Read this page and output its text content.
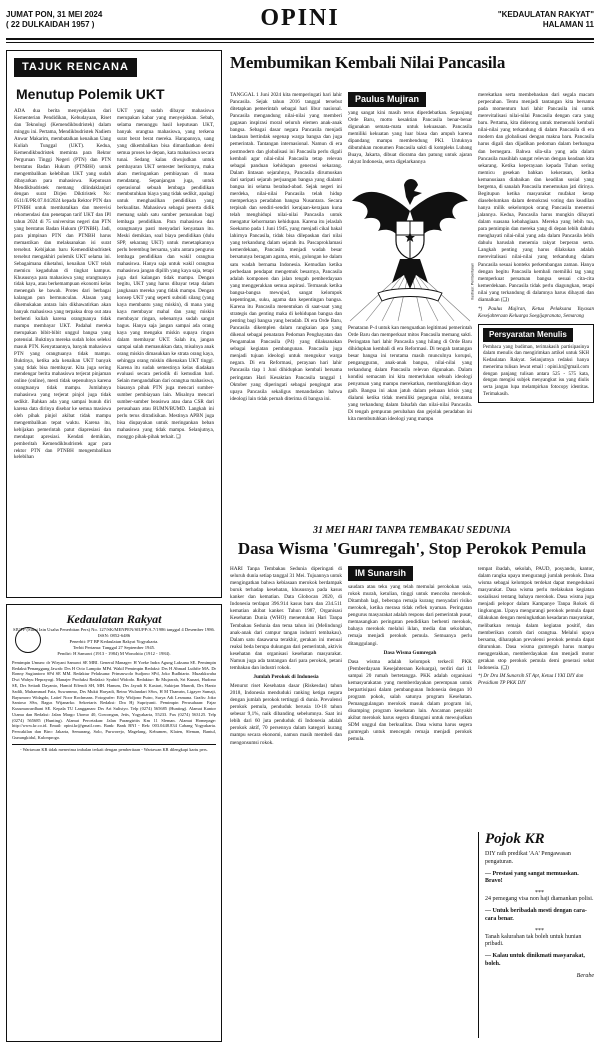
JUMAT PON, 31 MEI 2024
( 22 DULKAIDAH 1957 )	OPINI	"KEDAULATAN RAKYAT"
HALAMAN 11
TAJUK RENCANA
Menutup Polemik UKT
ADA dua berita menyejukkan dari Kementerian Pendidikan, Kebudayaan, Riset dan Teknologi (Kemendikbudristek) dalam minggu ini. Pertama, Mendikbudristek Nadiem Anwar Makarim, membatalkan kenaikan Uang Kuliah Tunggal (UKT). Kedua, Kemendikbudristek meminta para Rektor Perguruan Tinggi Negeri (PTN) dan PTN berstatus Badan Hukum (PTNBH) untuk mengembalikan kelebihan UKT yang sudah dibayarkan para mahasiswa. Keputusan Mendikbudristek memang dilindaklanjuti dengan surat Dirjen Diktiristek No: 0511/E/PR.07.04/2024 kepada Rektor PTN dan PTNBH untuk membatalkan dan merevisi rekomendasi dan penetapan tarif UKT dan IPI tahun 2024 di 75 universitas negeri dan PTN yang berstatus Badan Hukum (PTNBH). Jadi, para pimpinan PTN dan PTNBH harus memastikan dan melaksanakan isi surat tersebut. Kebijakan baru Kemendikbudristek tersebut mengakhiri polemik UKT selama ini. Sebagaimana diketahui, kenaikan UKT telah memicu kegaduhan di tingkat kampus. Khususnya para mahasiswa yang orangtuanya tidak kaya, atau berkemampuan ekonomi kelas menengah ke bawah. Protes dari berbagai kalangan pun bermunculan. Alasan yang dikemukakan antara lain dikhawatirkan akan banyak mahasiswa yang terpaksa drop out atau berhenti kuliah karena orangtuanya tidak mampu membayar UKT. Padahal mereka merupakan bibit-bibit unggul bangsa yang potensial. Buktinya mereka sudah lolos seleksi masuk PTN. Kenyataannya, banyak mahasiswa PTN yang orangtuanya tidak mampu. Buktinya, ketika ada kenaikan UKT banyak yang tidak bisa membayar. Kita juga sering mendengar berita mahasiswa terjerat pinjaman online (online), mesti tidak sepenuhnya karena orangtuanya tidak mampu. Jumlahnya mahasiswa yang terjerat pinjol juga tidak sedikit. Bahkan ada yang sampai bunuh diri karena data dirinya disebar ke semua masiswa oleh pihak pinjol akibat tidak mampu mengembalikan tepat waktu. Karena itu, kebijakan pemerintah patut diapresiasi dan mendapat apresiasi. Kendati demikian, pemberitah Kemendikbudristek agar para rektor PTN dan PTNBH mengembalikan kelebihan
UKT yang sudah dibayar mahasiswa merupakan kabar yang menyejukkan. Sebab, selama menunggu hasil keputusan UKT, banyak orangtua mahasiswa, yang terkena surat berat berat mereka. Harapannya, uang yang dikembalikan bisa dimanfaatkan demi semua proses ke depan, kata mahasiswa secara tunai. Sedang kalau diwujudkan untuk pembayaran UKT semester berikutnya, maka akan meringankan pembiayaan di masa mendatang. Sepanjangan juga, untuk operasional sebuah lembaga pendidikan membutuhkan biaya yang tidak sedikit, apalagi untuk menghasilkan pendidikan yang berkualitas. Mahasiswa sebagai peserta didik memang salah satu sumber pemasukan bagi lembaga pendidikan. Para mahasiswa dan orangtuanya pasti menyadari kenyataan itu. Meski demikian, soal biaya pendidikan (dulu SPP, sekarang UKT) untuk menetapkannya perlu berembug bersama, yaitu antara pengurus lembaga pendidikan dan wakil orangtua mahasiswa. Hanya saja untuk wakil orangtua mahasiswa jangan dipilih yang kaya saja, tetapi juga dari kalangan tidak mampu. Dengan begitu, UKT yang harus dibayar tetap dalam jangkauan mereka yang tidak mampu. Dengan konsep UKT yang seperti subsidi silang (yang kaya membantu yang miskin), di mana yang kaya membayar mahal dan yang miskin membayar ringan, sebenarnya sudah sangat bagus. Hanya saja jangan sampai ada orang kaya yang mengaku miskin supaya ringan dalam membayar UKT. Salah itu, jangan sampai salah memasukkan data, misalnya anak orang miskin dimasukkan ke strata orang kaya, sehingga orang miskin dikenakan UKT tinggi. Karena itu sudah semestinya kelas diadakan evaluasi secara periodik di kemudian hari. Selain mengandalkan dari orangtua mahasiswa, biasanya pihak PTN juga mencari sumber-sumber pembiayaan lain. Misalnya mencari sumber-sumber beasiswa atau dana CSR dari perusahaan atau BUMN/BUMD. Langkah ini perlu terus ditradisikan. Mestinya APBN juga bisa diupayakan untuk meringankan beban mahasiswa yang tidak mampu. Selanjutnya, monggo pihak-pihak terkait. ❑
Membumikan Kembali Nilai Pancasila
TANGGAL 1 Juni 2024 kita memperingati hari lahir Pancasila. Sejak tahun 2016 tanggal tersebut ditetapkan pemerintah sebagai hari libur nasional. Pancasila mengandung nilai-nilai yang memberi gagasan inspirasi moral seluruh elemen anak-anak bangsa. Sebagai dasar negara Pancasila menjadi landasan bertindak segenap warga bangsa dan juga pemerintah. Tantangan internasional. Namun di era postmodern dan globalisasi ini Pancasila perlu digali kembali agar nilai-nilai Pancasila tetap relevan sebagai panduan kehidupan generasi sekarang. Dalam lintasan sejarahnya, Pancasila dirumuskan dari saripati sejarah perjuangan bangsa yang dialami bangsa ini selama berabad-abad. Sejak negeri ini merdeka, nilai-nilai Pancasila telah hidup memperkaya peradaban bangsa Nusantara. Secara terpisah dan sendiri-sendiri kerajaan-kerajaan kuna telah menghidupi nilai-nilai Pancasila untuk mengatur kehormatan kehidupan. Karena itu jelaslah Soekarno pada 1 Juni 1945, yang menjadi cikal bakal lahirnya Pancasila, tidak bisa dilepaskan dari nilai yang terkandung dalam sejarah itu. Pascaproklamasi kemerdekaan, Pancasila menjadi wadah besar bersatunya beragam agama, etnis, golongan ke dalam satu wadah bernama Indonesia. Kemudian ketika perbedaan pendapat mengemuk besarnya, Pancasila adalah komponen dan jalan tengah pemberdayaan yang menggerakkan semua aspirasi. Termasuk ketika bangsa-bangsa mewujud, sangat kelompok kepentingan, suku, agama dan kepentingan bangsa. Karena itu Pancasila menentukan di saat-saat yang strategis dan genting maka di kehidupan bangsa dan penting bagi bangsa yang beradab. Di era Orde Baru, Pancasila dikemplen dalam rangkaian apa yang dikenal sebagai penataran Pedoman Penghayatan dan Pengamalan Pancasila (P4) yang dilaksanakan sebagai kegiatan pembangunan. Pancasila juga menjadi tujuan ideologi untuk mengukur warga negara. Di era Reformasi, perayaan hari lahir Pancasila tiap 1 Juni dihidupkan kembali bersama peringatan Hari Kesaktian Pancasila tanggal 1 Oktober yang diperingati sebagai pengingat atas upaya Pancasila sekaligus menandaskan bahwa ideologi lain tidak pernah diterima di bangsa ini.
Paulus Mujiran
yang sangat kini masih terus diperdebatkan. Sepanjang Orde Baru, motto kesaktian Pancasila benar-benar digunakan semata-mata untuk kekuasaan. Pancasila memiliki kekuatan yang luar biasa dan ampuh karena dipandang mampu membendung PKI. Untuknya dibutuhkan monumen Pancasila sakti di kompleks Lubang Buaya, Jakarta, dibuat diorama dan patung untuk ajaran rakyat Indonesia, serta digelarkannya
Ilustrasi: Pembentukan
Penataran P-4 untuk kan menguatkan legitimasi pemerintah Orde Baru dan memperkuat mitos Pancasila memang sakti. Peringatan hari lahir Pancasila yang hilang di Orde Baru dihidupkan kembali di era Reformasi. Di tengah tantangan besar bangsa ini terutama masih munculnya korupsi, pengangguran, anak-anak bangsa, nilai-nilai yang terkandung dalam Pancasila relevan digunakan. Dalam kondisi semacam ini kita memerlukan sebuah ideologi penyatuan yang mampu merekatkan, membangkitkan daya gaib. Bangsa ini akan jatuh dalam peluaan krisis yang dialami ketika tidak memiliki pegangan nilai, terutama yang terkandung dalam falsafah dan nilai-nilai Pancasila. Di tengah gempuran perubahan dan gejolak peradaban ini kita membutuhkan ideologi yang mampu
merekatkan serta membebaskan dari segala macam perpecahan. Tentu menjadi tantangan kita bersama pada momentum hari lahir Pancasila ini untuk merevitalisasi nilai-nilai Pancasila dengan cara yang baru. Pertama, kita diderong untuk memenuhi kembali nilai-nilai yang terkandung di dalam Pancasila di era modern dan globalisasi dengan makna baru. Pancasila harus digali dan dijadikan pedoman dalam berbangsa dan bernegara. Bahwa sila-sila yang ada dalam Pancasila masihlah sangat relevan dengan keadaan kita sekarang. Ketika keperayaan kepada Tuhan sering memicu gesekan bahkan kekerasan, ketika kemanusiaan diabaikan dan keadilan sosial yang bergema, di sanalah Pancasila menemukan jati dirinya. Begitupun ketika masyarakat mufakat kerap diasebelumkan dalam demokrasi voting dan keadilan hanya milik sekelompok orang Pancasila menemui jalannya. Kedua, Pancasila harus mungkin dihayati dalam suasana kebahagiaan. Mereka yang lebih tua, para pemimpin dan mereka yang di depan lebih dahulu menghayati nilai-nilai yang ada dalam Pancasila lebih dahulu haruslah menemia rakyat berperan serta. Langkah penting yang harus dilakukan adalah merevitalisasi nilai-nilai yang terkandung dalam Pancasila sesuai konteks perkembangan zaman. Hanya dengan begitu Pancasila kembali memiliki tag yang memperkuat persatuan bangsa sesuai cita-cita kemerdekaan. Pancasila tidak perlu diagungkan, tetapi nilai yang terkandung di dalamnya harus dihayati dan diamalkan (❑)
*) Paulus Mujiran, Ketua Pelaksana Yayasan Kesejahteraan Keluarga Soegijapranata, Semarang
Persyaratan Menulis

Pembaca yang budiman, terimakasih partisipasinya dalam menulis dan mengirimkan artikel untuk SKH Kedaulatan Rakyat. Selanjutnya redaksi hanya menerima tulisan lewat email : opini.kr@gmail.com dengan panjang tulisan antara 525 - 575 kata, dengan mengisi subjek menyangkut isu yang diulis serta jangan lupa melampirkan fotocopy identitas. Terimakasih.

31 MEI HARI TANPA TEMBAKAU SEDUNIA
Dasa Wisma 'Gumregah', Stop Perokok Pemula
HARI Tanpa Tembakau Sedunia diperingati di seluruh dunia setiap tanggal 31 Mei. Tujuannya untuk mengingatkan bahwa kebiasaan merokok berdampak buruk terhadap kesehatan, khususnya pada kasus kanker dan kematian. Data Globocan 2020, di Indonesia terdapat 396.914 kasus baru dan 234.511 kematian akibat kanker. Tahun 1987, Organisasi Kesehatan Dunia (WHO) menentukan Hari Tanpa Tembakau Sedunia dan tema tahun ini (Melindungi anak-anak dari campur tangan industri tembakau). Dalam satu dasawarsa terakhir, gerakan ini menuai reaksi beda berupa dukungan dari pemerintah, aktivis kesehatan dan organisasi kesehatan masyarakat. Namun juga ada tantangan dari para perokok, petani tembakau dan industri rokok.
Jumlah Perokok di Indonesia
Menurut riset Kesehatan dasar (Riskesdas) tahun 2018, Indonesia menduduki ranking ketiga negara dengan jumlah perokok tertinggi di dunia. Prevalensi perokok pemula, penduduk berusia 10-18 tahun sebesar 9,1%, naik dibanding sebelumnya. Saat ini lebih dari 60 juta penduduk di Indonesia adalah perokok aktif, 70 persennya dalam kategori kurang mampu secara ekonomi, namun masih membeli dan mengonsumsi rokok.
IM Sunarsih
saudara atau teku yang telah memulai perokokan usia, rokok murah, ketulian, tinggi untuk mencoba merokok. Ditambah lagi, beberapa remaja kurang menyadari risiko merokok, ketika merasa tidak reflek nyaman. Peringatan pengurus masyarakat adalah respons dari pemerintah pusat, memasangkan peringatan pendidikan berhenti merokok, bahaya merokok melalui iklan, media dan sekolahan, remaja menjadi perokok pemula. Semuanya perlu ditanggulangi.
Dasa Wisma Gumregah
Dasa wisma adalah kelompok terkecil PKK (Pemberdayaan Kesejahteraan Keluarga), terdiri dari 11 sampai 20 rumah bertetangga. PKK adalah organisasi kemasyarakatan yang memberdayakan perempuan untuk berpartisipasi dalam pembangunan Indonesia dengan 10 program pokok, salah satunya program Kesehatan. Pemanggulangan merokok masuk dalam program ini, disamping program kesehatan lain. Ancaman penyakit akibat merokok harus segera ditangani untuk mewujudkan SDM unggul dan berkualitas. Dasa wisma harus segera gumregah untuk mencegah remaja menjadi perokok pemula.
tempat ibadah, sekolah, PAUD, posyandu, kantor, dalam rangka upaya mengurangi jumlah perokok. Dasa wisma sebagai kelompok terdekat dapat mengedukasi masyarakat. Dasa wisma perlu melakukan kegiatan sosialisasi tentang bahaya merokok. Dasa wisma juga menjadi pelopor dalam Kampanye Tanpa Rokok di lingkungan. Upaya mengurangi perokok pemula dapat dilakukan dengan meningkatkan kesadaran masyarakat, melibatkan remaja dalam kegiatan positif, dan memberikan contoh dari orangtua. Melalui upaya bersama, diharapkan prevalensi perokok pemula dapat diturunkan. Dasa wisma gumregah harus mampu menggerakkan, memberdayakan dan menjadi motor gerakan stop perokok pemula demi generasi sehat Indonesia. (❑)
*) Dr Dra IM Sunarsih ST Apt, Ketua I YKI DIY dan Presidium TP PKK DIY
Pojok KR

DIY raih predikat 'AA' Pengawasan pengaturan.

— Prestasi yang sangat memuaskan. Bravo!

***

24 pemegang visa non haji diamankan polisi.

— Untuk beribadah mesti dengan cara-cara benar.

***

Tanah kalurahan tak boleh untuk hunian pribadi.

— Kalau untuk dinikmati masyarakat, boleh.

Berabe
Kedaulatan Rakyat
SIUPP (Surat Izin Usaha Penerbitan Pers) No. 127/SK/MENPEN/SIUPP/A.7/1986 tanggal 4 Desember 1986.
ISSN: 0852-6486
Penerbit: PT BP Kedaulatan Rakyat Yogyakarta.
Terbit Pertama: Tanggal 27 September 1945.
Pendiri: H Samawi (1913 - 1984) M Wonohito (1912 - 1984).
Pemimpin Umum: dr Wiryani Samawi SE MBI. General Manager: H Yoeke Indra Agung Laksana SE. Pemimpin Redaksi/Penanggung Jawab: Drs H Octo Lampito MPd. Wakil Pemimpin Redaksi: Drs H Ahmad Luthfie MA. Dr Ronny Sugiantoro SPd SE MM. Redaktur Pelaksana: Primaswolo Sudjono SPd, Joko Budhiarto. Muzakkwaha Dwi Wahyu Heprayogi. Manajer Produksi Redaksi: Syahid Widodo. Redaktur: Rr Mujarrah, Sri Kunari, Hudono SE, Drs Setiadi Dayanto, Hamid Effendi SH, MH. Hanum, Drs Jayadi K Kastari, Sukirjan Munrdi, Drs Hanto Sadili, Muhammad Faiz, Suwarnmo, Drs Mukti Haryadi, Retno Wulandari SSos, H M Thamrin, Ligayer Sumaji, Bayumoro Widagdo, Latief Noor Rochmans. Fotografer: Effy Widjono Putro, Surya Adi Lesmana. Grafis: Joko Santoso SSn, Bagus Wijanarko. Sekretaris Redaksi: Dra Hj Supriyanti. Pemimpin Perusahaan: Fajar Kusumawardhani SE. Kepala TU Langganan: Drs Ari Sulistyo. Telp (0274) 565685 (Hunting). Alamat Kantor Utama dan Redaksi: Jalan Margo Utomo 40, Gowongan, Jetis, Yogyakarta, 55233. Fax (0274) 563125. Telp (0274) 565685 (Hunting). Alamat Percetakan: Jalan Parangtritis Km 11 Sleman. Alamat Homepage: http://www.kr.co.id. Email: opini.kr@gmail.com. Bank: Bank BNI - Rek: 003.0448.834 Cabang Yogyakarta. Perwakilan dan Biro: Jakarta, Semarang, Solo, Purworejo, Magelang, Kebumen, Klaten, Sleman, Bantul, Gunungkidul, Kulonprogo.
- Wartawan KR tidak menerima imbalan terkait dengan pemberitaan - Wartawan KR dilengkapi kartu pers.
